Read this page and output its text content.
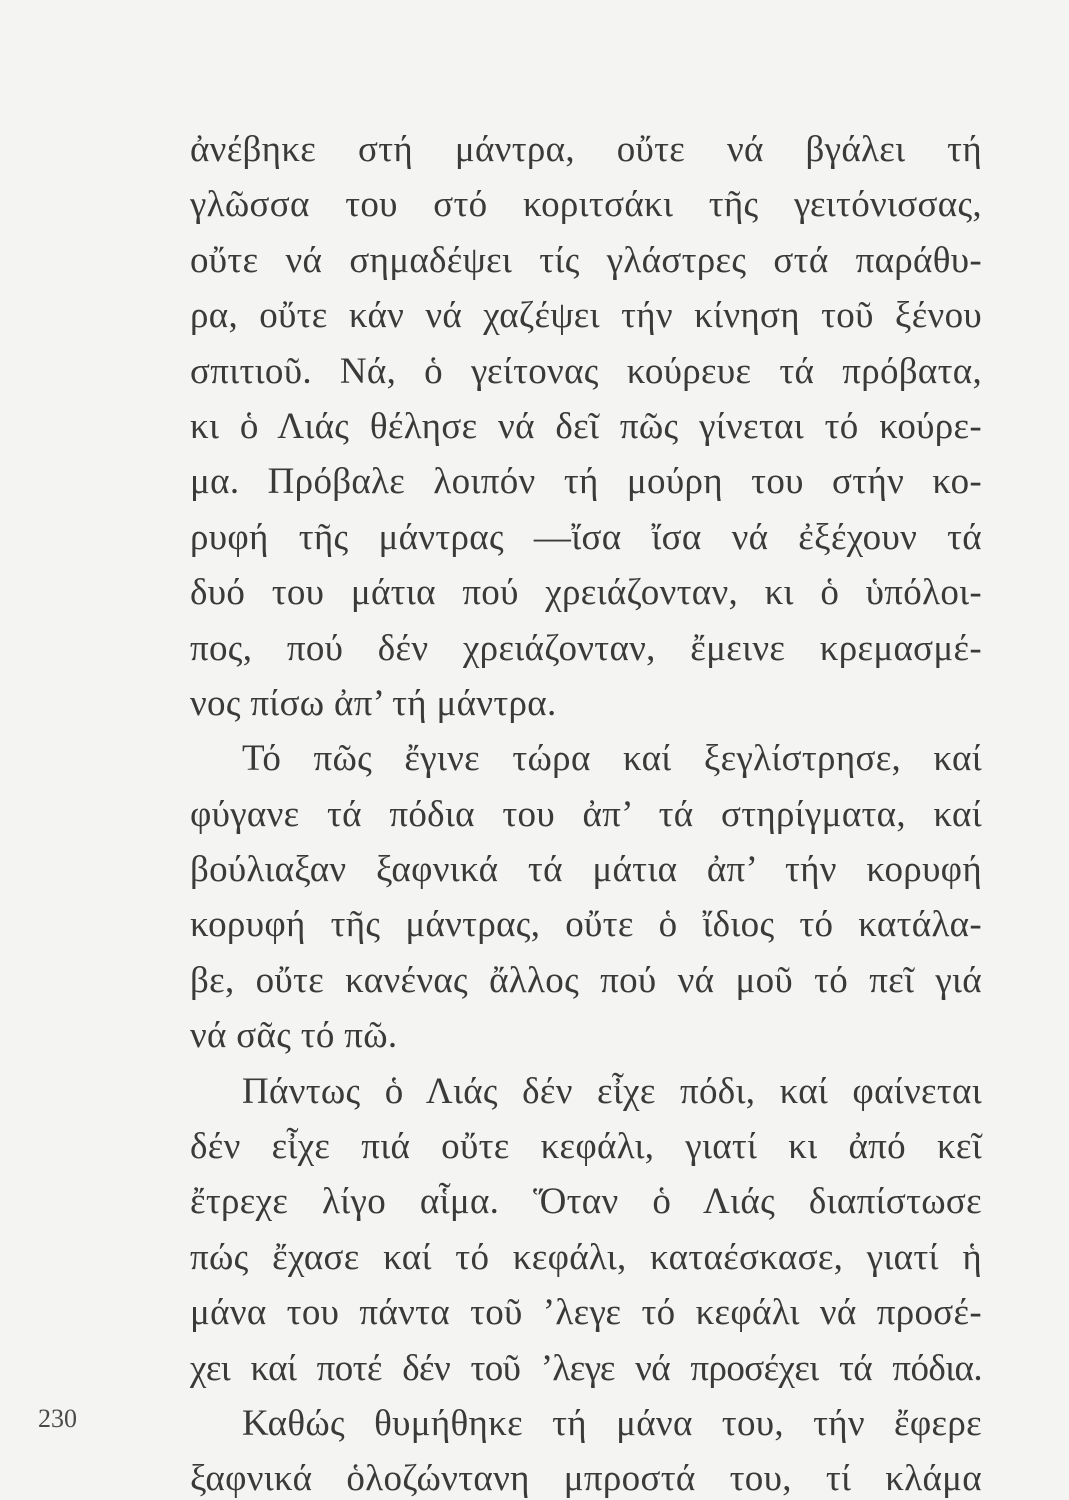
ἀνέβηκε στή μάντρα, οὔτε νά βγάλει τή
γλῶσσα του στό κοριτσάκι τῆς γειτόνισσας,
οὔτε νά σημαδέψει τίς γλάστρες στά παράθυ-
ρα, οὔτε κάν νά χαζέψει τήν κίνηση τοῦ ξένου
σπιτιοῦ. Νά, ὁ γείτονας κούρευε τά πρόβατα,
κι ὁ Λιάς θέλησε νά δεῖ πῶς γίνεται τό κούρε-
μα. Πρόβαλε λοιπόν τή μούρη του στήν κο-
ρυφή τῆς μάντρας —ἴσα ἴσα νά ἐξέχουν τά
δυό του μάτια πού χρειάζονταν, κι ὁ ὑπόλοι-
πος, πού δέν χρειάζονταν, ἔμεινε κρεμασμέ-
νος πίσω ἀπ’ τή μάντρα.
Τό πῶς ἔγινε τώρα καί ξεγλίστρησε, καί
φύγανε τά πόδια του ἀπ’ τά στηρίγματα, καί
βούλιαξαν ξαφνικά τά μάτια ἀπ’ τήν κορυφή
κορυφή τῆς μάντρας, οὔτε ὁ ἴδιος τό κατάλα-
βε, οὔτε κανένας ἄλλος πού νά μοῦ τό πεῖ γιά
νά σᾶς τό πῶ.
Πάντως ὁ Λιάς δέν εἶχε πόδι, καί φαίνεται
δέν εἶχε πιά οὔτε κεφάλι, γιατί κι ἀπό κεῖ
ἔτρεχε λίγο αἷμα. Ὅταν ὁ Λιάς διαπίστωσε
πώς ἔχασε καί τό κεφάλι, καταέσκασε, γιατί ἡ
μάνα του πάντα τοῦ ’λεγε τό κεφάλι νά προσέ-
χει καί ποτέ δέν τοῦ ’λεγε νά προσέχει τά πόδια.
Καθώς θυμήθηκε τή μάνα του, τήν ἔφερε
ξαφνικά ὁλοζώντανη μπροστά του, τί κλάμα
230
